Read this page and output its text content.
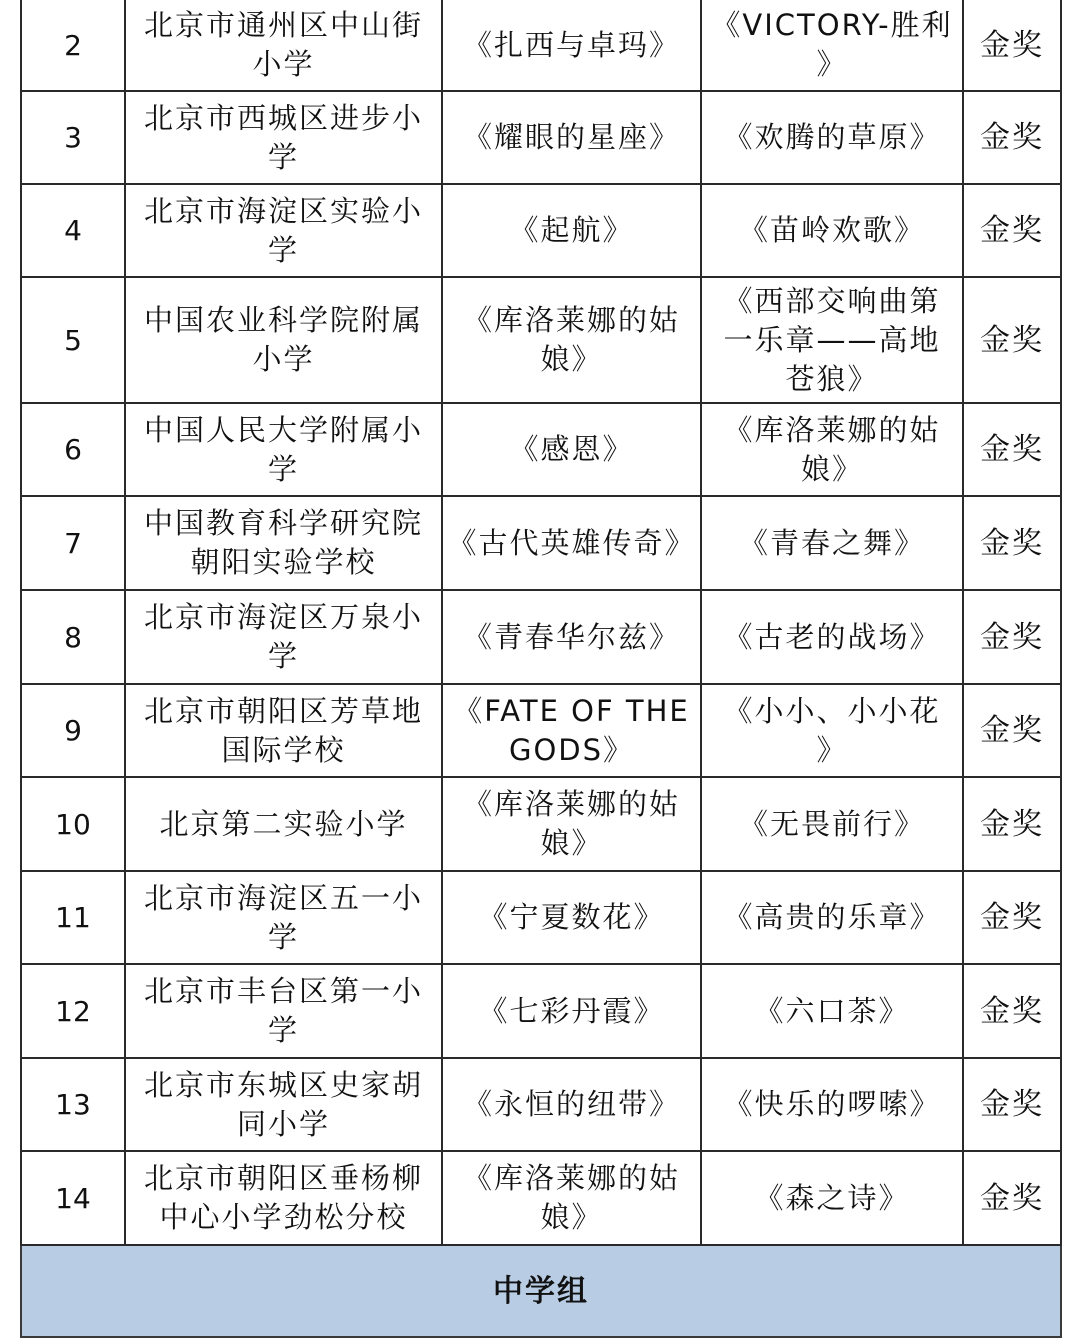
2	北京市通州区中山街
小学	《扎西与卓玛》	《VICTORY-胜利
》	金奖
3	北京市西城区进步小
学	《耀眼的星座》	《欢腾的草原》	金奖
4	北京市海淀区实验小
学	《起航》	《苗岭欢歌》	金奖
5	中国农业科学院附属
小学	《库洛莱娜的姑
娘》	《西部交响曲第
一乐章——高地
苍狼》	金奖
6	中国人民大学附属小
学	《感恩》	《库洛莱娜的姑
娘》	金奖
7	中国教育科学研究院
朝阳实验学校	《古代英雄传奇》	《青春之舞》	金奖
8	北京市海淀区万泉小
学	《青春华尔兹》	《古老的战场》	金奖
9	北京市朝阳区芳草地
国际学校	《FATE OF THE
GODS》	《小小、小小花
》	金奖
10	北京第二实验小学	《库洛莱娜的姑娘》	《无畏前行》	金奖
11	北京市海淀区五一小
学	《宁夏数花》	《高贵的乐章》	金奖
12	北京市丰台区第一小
学	《七彩丹霞》	《六口茶》	金奖
13	北京市东城区史家胡
同小学	《永恒的纽带》	《快乐的啰嗦》	金奖
14	北京市朝阳区垂杨柳
中心小学劲松分校	《库洛莱娜的姑
娘》	《森之诗》	金奖
中学组				
